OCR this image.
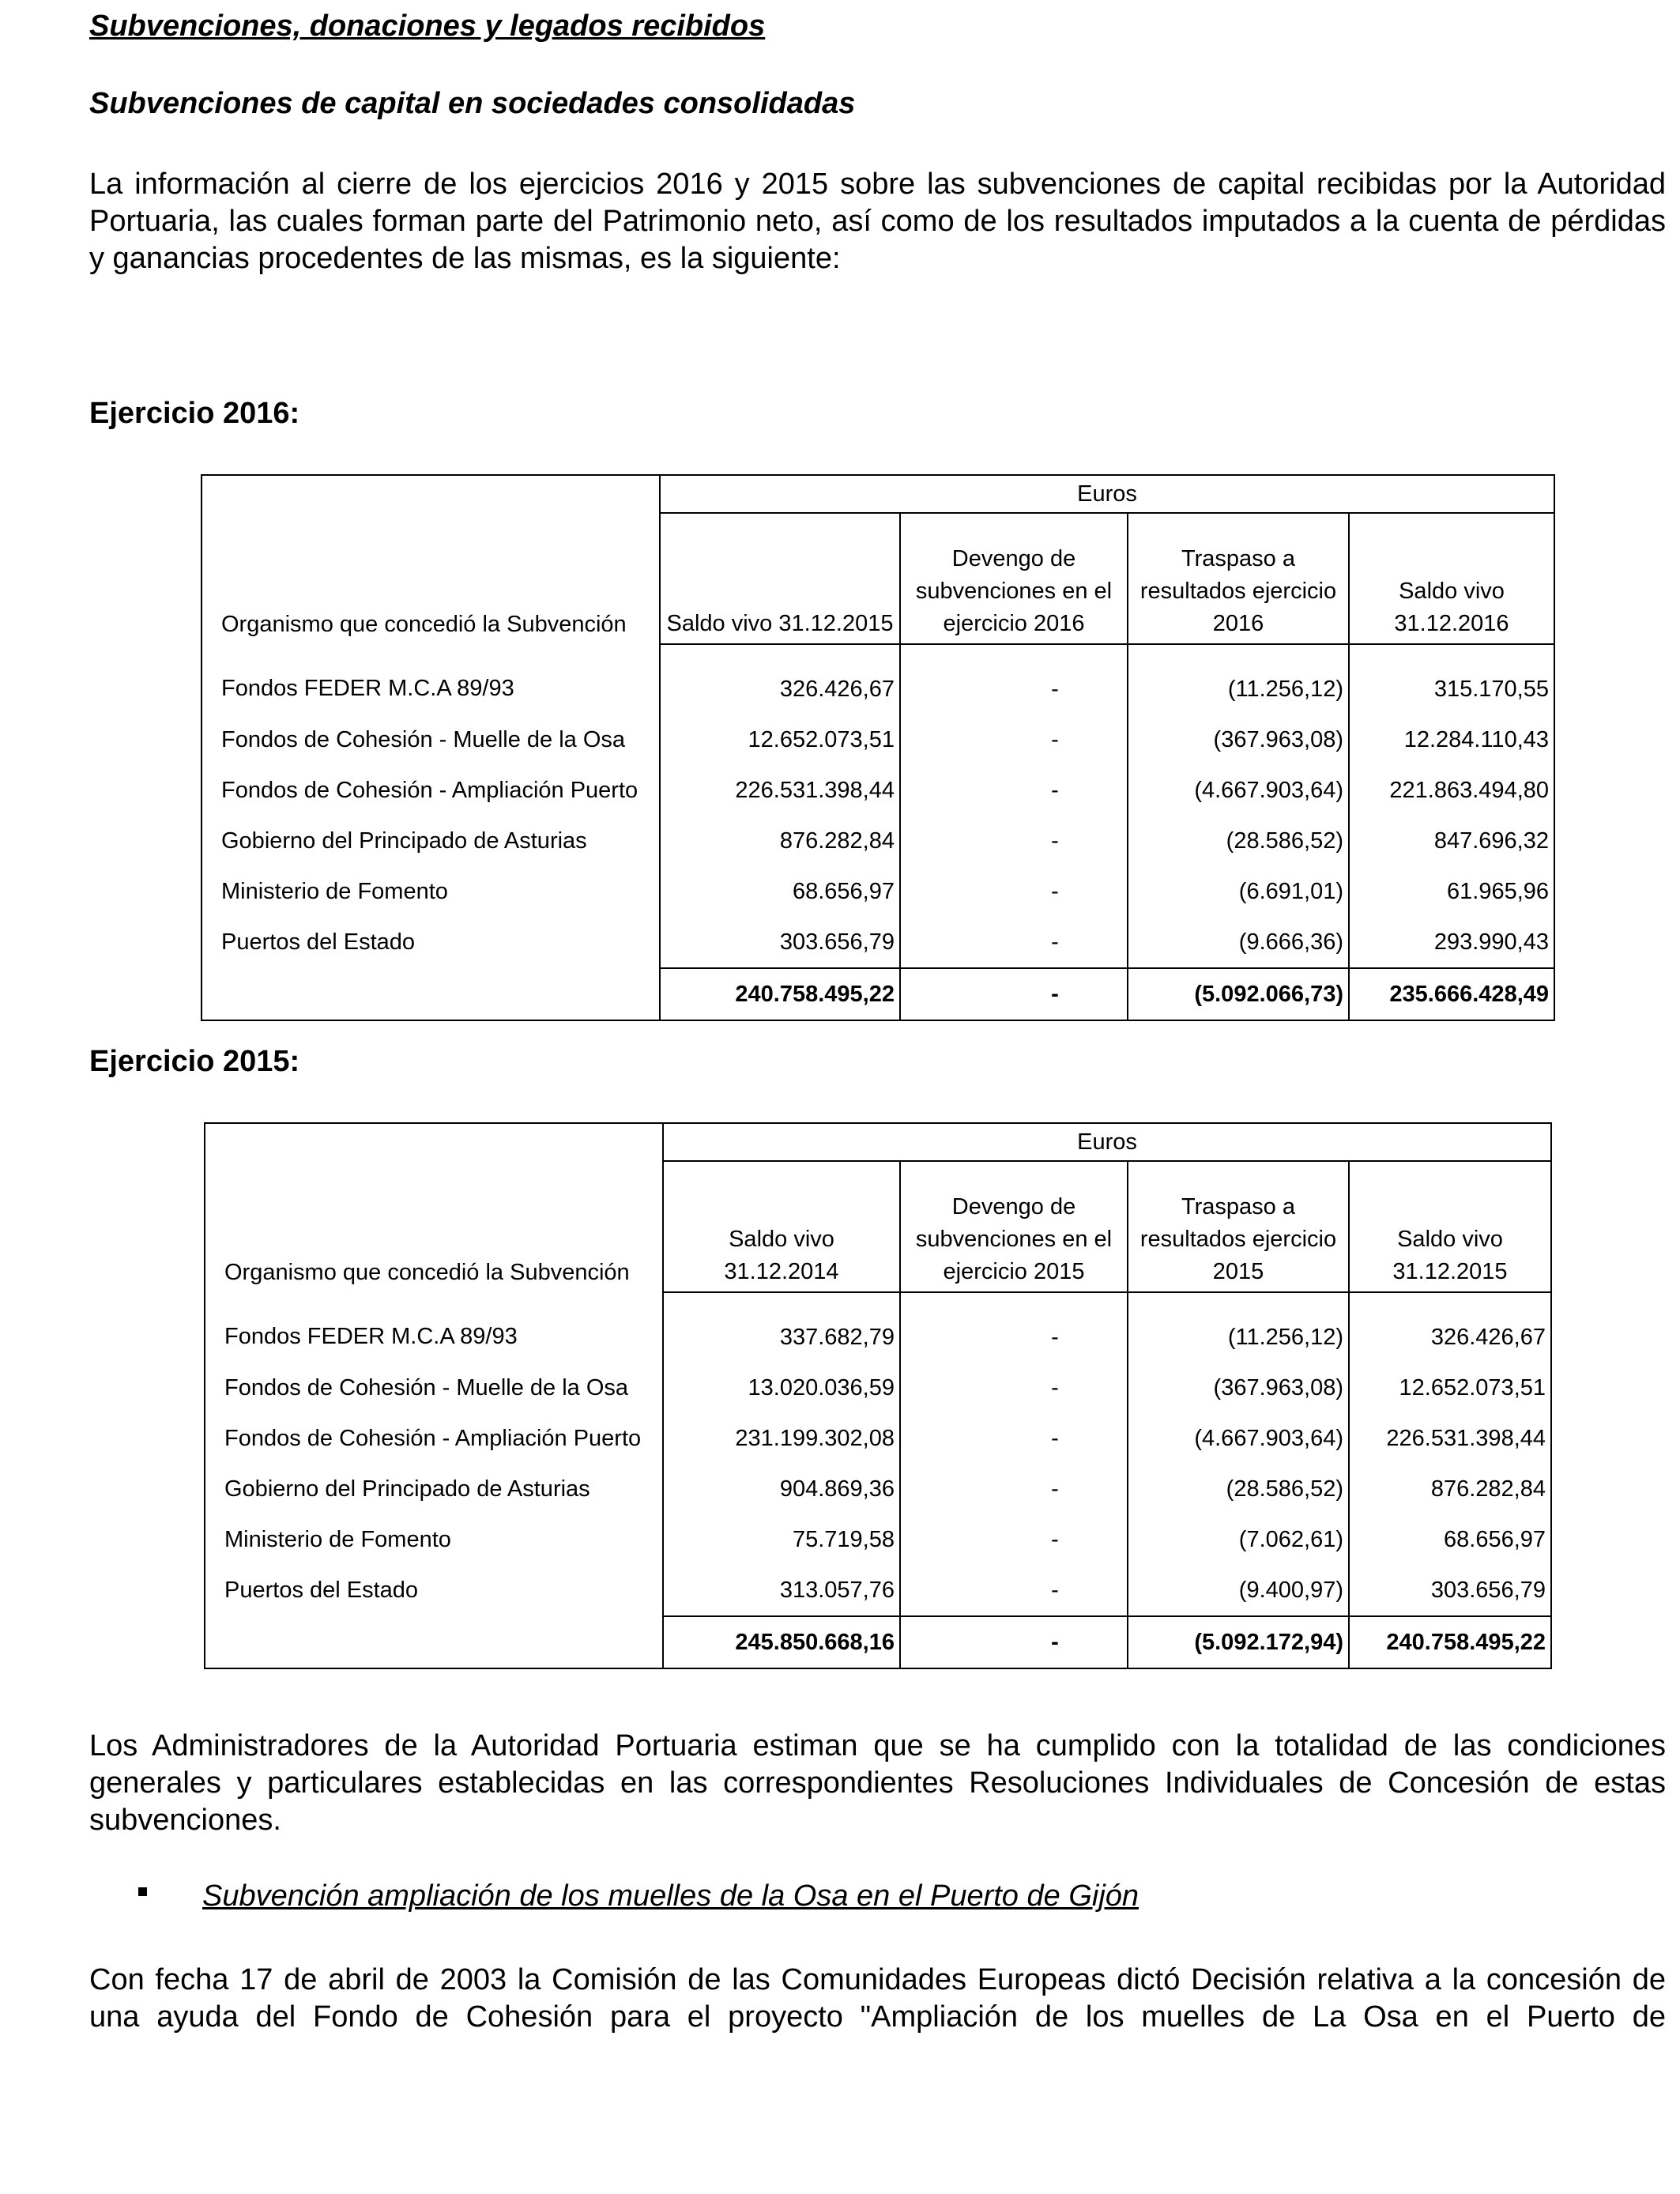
Subvenciones, donaciones y legados recibidos
Subvenciones de capital en sociedades consolidadas

La información al cierre de los ejercicios 2016 y 2015 sobre las subvenciones de capital recibidas por la Autoridad Portuaria, las cuales forman parte del Patrimonio neto, así como de los resultados imputados a la cuenta de pérdidas y ganancias procedentes de las mismas, es la siguiente:

Ejercicio 2016:
Organismo que concedió la Subvención	Euros			
	Saldo vivo 31.12.2015	Devengo de subvenciones en el ejercicio 2016	Traspaso a resultados ejercicio 2016	Saldo vivo 31.12.2016
Fondos FEDER M.C.A 89/93	326.426,67	-	(11.256,12)	315.170,55
Fondos de Cohesión - Muelle de la Osa	12.652.073,51	-	(367.963,08)	12.284.110,43
Fondos de Cohesión - Ampliación Puerto	226.531.398,44	-	(4.667.903,64)	221.863.494,80
Gobierno del Principado de Asturias	876.282,84	-	(28.586,52)	847.696,32
Ministerio de Fomento	68.656,97	-	(6.691,01)	61.965,96
Puertos del Estado	303.656,79	-	(9.666,36)	293.990,43
	240.758.495,22	-	(5.092.066,73)	235.666.428,49
Ejercicio 2015:
Organismo que concedió la Subvención	Euros			
	Saldo vivo 31.12.2014	Devengo de subvenciones en el ejercicio 2015	Traspaso a resultados ejercicio 2015	Saldo vivo 31.12.2015
Fondos FEDER M.C.A 89/93	337.682,79	-	(11.256,12)	326.426,67
Fondos de Cohesión - Muelle de la Osa	13.020.036,59	-	(367.963,08)	12.652.073,51
Fondos de Cohesión - Ampliación Puerto	231.199.302,08	-	(4.667.903,64)	226.531.398,44
Gobierno del Principado de Asturias	904.869,36	-	(28.586,52)	876.282,84
Ministerio de Fomento	75.719,58	-	(7.062,61)	68.656,97
Puertos del Estado	313.057,76	-	(9.400,97)	303.656,79
	245.850.668,16	-	(5.092.172,94)	240.758.495,22

Los Administradores de la Autoridad Portuaria estiman que se ha cumplido con la totalidad de las condiciones generales y particulares establecidas en las correspondientes Resoluciones Individuales de Concesión de estas subvenciones.

Subvención ampliación de los muelles de la Osa en el Puerto de Gijón

Con fecha 17 de abril de 2003 la Comisión de las Comunidades Europeas dictó Decisión relativa a la concesión de una ayuda del Fondo de Cohesión para el proyecto "Ampliación de los muelles de La Osa en el Puerto de
